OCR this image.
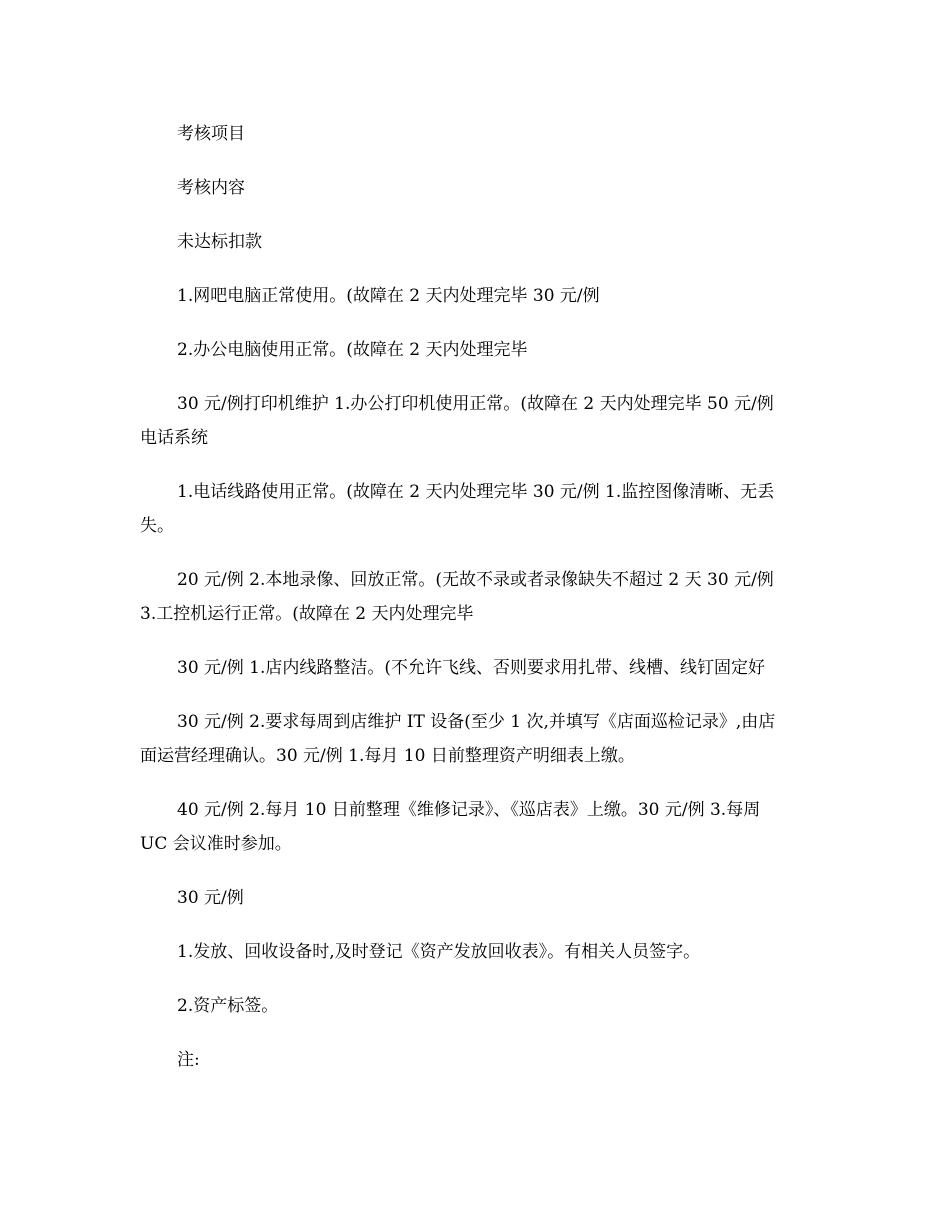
考核项目
考核内容
未达标扣款
1.网吧电脑正常使用。(故障在 2 天内处理完毕 30 元/例
2.办公电脑使用正常。(故障在 2 天内处理完毕
30 元/例打印机维护 1.办公打印机使用正常。(故障在 2 天内处理完毕 50 元/例
电话系统
1.电话线路使用正常。(故障在 2 天内处理完毕 30 元/例 1.监控图像清晰、无丢
失。
20 元/例 2.本地录像、回放正常。(无故不录或者录像缺失不超过 2 天 30 元/例
3.工控机运行正常。(故障在 2 天内处理完毕
30 元/例 1.店内线路整洁。(不允许飞线、否则要求用扎带、线槽、线钉固定好
30 元/例 2.要求每周到店维护 IT 设备(至少 1 次,并填写《店面巡检记录》,由店
面运营经理确认。30 元/例 1.每月 10 日前整理资产明细表上缴。
40 元/例 2.每月 10 日前整理《维修记录》、《巡店表》上缴。30 元/例 3.每周
UC 会议准时参加。
30 元/例
1.发放、回收设备时,及时登记《资产发放回收表》。有相关人员签字。
2.资产标签。
注:
